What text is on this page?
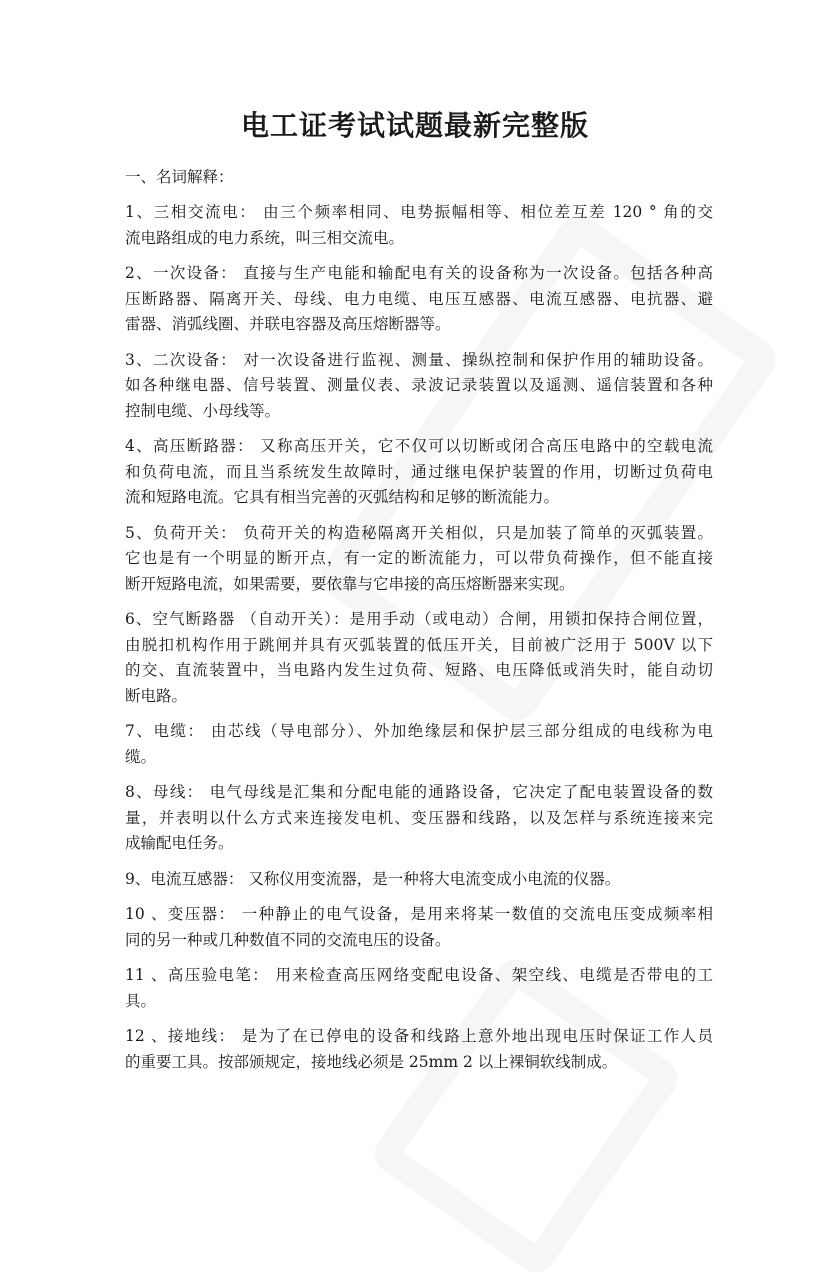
电工证考试试题最新完整版
一、名词解释：
1、三相交流电： 由三个频率相同、电势振幅相等、相位差互差 120 ° 角的交
流电路组成的电力系统，叫三相交流电。
2、一次设备： 直接与生产电能和输配电有关的设备称为一次设备。包括各种高
压断路器、隔离开关、母线、电力电缆、电压互感器、电流互感器、电抗器、避
雷器、消弧线圈、并联电容器及高压熔断器等。
3、二次设备： 对一次设备进行监视、测量、操纵控制和保护作用的辅助设备。
如各种继电器、信号装置、测量仪表、录波记录装置以及遥测、遥信装置和各种
控制电缆、小母线等。
4、高压断路器： 又称高压开关，它不仅可以切断或闭合高压电路中的空载电流
和负荷电流，而且当系统发生故障时，通过继电保护装置的作用，切断过负荷电
流和短路电流。它具有相当完善的灭弧结构和足够的断流能力。
5、负荷开关： 负荷开关的构造秘隔离开关相似，只是加装了简单的灭弧装置。
它也是有一个明显的断开点，有一定的断流能力，可以带负荷操作，但不能直接
断开短路电流，如果需要，要依靠与它串接的高压熔断器来实现。
6、空气断路器 （自动开关）：是用手动（或电动）合闸，用锁扣保持合闸位置，
由脱扣机构作用于跳闸并具有灭弧装置的低压开关，目前被广泛用于 500V 以下
的交、直流装置中，当电路内发生过负荷、短路、电压降低或消失时，能自动切
断电路。
7、电缆： 由芯线（导电部分）、外加绝缘层和保护层三部分组成的电线称为电
缆。
8、母线： 电气母线是汇集和分配电能的通路设备，它决定了配电装置设备的数
量，并表明以什么方式来连接发电机、变压器和线路，以及怎样与系统连接来完
成输配电任务。
9、电流互感器： 又称仪用变流器，是一种将大电流变成小电流的仪器。
10 、变压器： 一种静止的电气设备，是用来将某一数值的交流电压变成频率相
同的另一种或几种数值不同的交流电压的设备。
11 、高压验电笔： 用来检查高压网络变配电设备、架空线、电缆是否带电的工
具。
12 、接地线： 是为了在已停电的设备和线路上意外地出现电压时保证工作人员
的重要工具。按部颁规定，接地线必须是 25mm 2 以上裸铜软线制成。
